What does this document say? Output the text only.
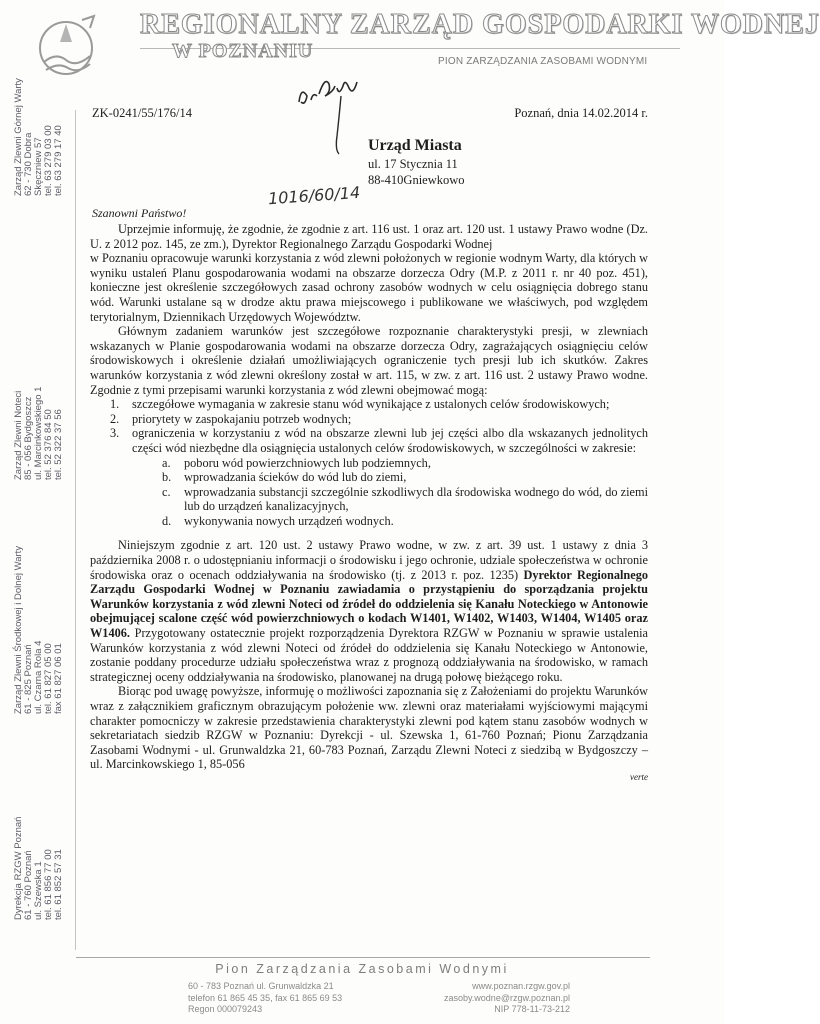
REGIONALNY ZARZĄD GOSPODARKI WODNEJ
W POZNANIU	PION ZARZĄDZANIA ZASOBAMI WODNYMI
1016/60/14
Zarząd Zlewni Górnej Warty 62 - 730 Dobra Skęczniew 57 tel. 63 279 03 00 tel. 63 279 17 40
Zarząd Zlewni Noteci 85 - 056 Bydgoszcz ul. Marcinkowskiego 1 tel. 52 376 84 50 tel. 52 322 37 56
Zarząd Zlewni Środkowej i Dolnej Warty 61 - 825 Poznań ul. Czarna Rola 4 tel. 61 827 05 00 fax 61 827 06 01
Dyrekcja RZGW Poznań 61 - 760 Poznań ul. Szewska 1 tel. 61 856 77 00 tel. 61 852 57 31
ZK-0241/55/176/14	Poznań, dnia 14.02.2014 r.
Urząd Miasta
ul. 17 Stycznia 11
88-410Gniewkowo
Szanowni Państwo!

Uprzejmie informuję, że zgodnie, że zgodnie z art. 116 ust. 1 oraz art. 120 ust. 1 ustawy Prawo wodne (Dz. U. z 2012 poz. 145, ze zm.), Dyrektor Regionalnego Zarządu Gospodarki Wodnej

w Poznaniu opracowuje warunki korzystania z wód zlewni położonych w regionie wodnym Warty, dla których w wyniku ustaleń Planu gospodarowania wodami na obszarze dorzecza Odry (M.P. z 2011 r. nr 40 poz. 451), konieczne jest określenie szczegółowych zasad ochrony zasobów wodnych w celu osiągnięcia dobrego stanu wód. Warunki ustalane są w drodze aktu prawa miejscowego i publikowane we właściwych, pod względem terytorialnym, Dziennikach Urzędowych Województw.

Głównym zadaniem warunków jest szczegółowe rozpoznanie charakterystyki presji, w zlewniach wskazanych w Planie gospodarowania wodami na obszarze dorzecza Odry, zagrażających osiągnięciu celów środowiskowych i określenie działań umożliwiających ograniczenie tych presji lub ich skutków. Zakres warunków korzystania z wód zlewni określony został w art. 115, w zw. z art. 116 ust. 2 ustawy Prawo wodne. Zgodnie z tymi przepisami warunki korzystania z wód zlewni obejmować mogą:

1. szczegółowe wymagania w zakresie stanu wód wynikające z ustalonych celów środowiskowych;
2. priorytety w zaspokajaniu potrzeb wodnych;
3. ograniczenia w korzystaniu z wód na obszarze zlewni lub jej części albo dla wskazanych jednolitych części wód niezbędne dla osiągnięcia ustalonych celów środowiskowych, w szczególności w zakresie:
a. poboru wód powierzchniowych lub podziemnych,
b. wprowadzania ścieków do wód lub do ziemi,
c. wprowadzania substancji szczególnie szkodliwych dla środowiska wodnego do wód, do ziemi lub do urządzeń kanalizacyjnych,
d. wykonywania nowych urządzeń wodnych.

Niniejszym zgodnie z art. 120 ust. 2 ustawy Prawo wodne, w zw. z art. 39 ust. 1 ustawy z dnia 3 października 2008 r. o udostępnianiu informacji o środowisku i jego ochronie, udziale społeczeństwa w ochronie środowiska oraz o ocenach oddziaływania na środowisko (tj. z 2013 r. poz. 1235) Dyrektor Regionalnego Zarządu Gospodarki Wodnej w Poznaniu zawiadamia o przystąpieniu do sporządzania projektu Warunków korzystania z wód zlewni Noteci od źródeł do oddzielenia się Kanału Noteckiego w Antonowie obejmującej scalone część wód powierzchniowych o kodach W1401, W1402, W1403, W1404, W1405 oraz W1406. Przygotowany ostatecznie projekt rozporządzenia Dyrektora RZGW w Poznaniu w sprawie ustalenia Warunków korzystania z wód zlewni Noteci od źródeł do oddzielenia się Kanału Noteckiego w Antonowie, zostanie poddany procedurze udziału społeczeństwa wraz z prognozą oddziaływania na środowisko, w ramach strategicznej oceny oddziaływania na środowisko, planowanej na drugą połowę bieżącego roku.

Biorąc pod uwagę powyższe, informuję o możliwości zapoznania się z Założeniami do projektu Warunków wraz z załącznikiem graficznym obrazującym położenie ww. zlewni oraz materiałami wyjściowymi mającymi charakter pomocniczy w zakresie przedstawienia charakterystyki zlewni pod kątem stanu zasobów wodnych w sekretariatach siedzib RZGW w Poznaniu: Dyrekcji - ul. Szewska 1, 61-760 Poznań; Pionu Zarządzania Zasobami Wodnymi - ul. Grunwaldzka 21, 60-783 Poznań, Zarządu Zlewni Noteci z siedzibą w Bydgoszczy – ul. Marcinkowskiego 1, 85-056

verte

Pion Zarządzania Zasobami Wodnymi
60 - 783 Poznań ul. Grunwaldzka 21
telefon 61 865 45 35, fax 61 865 69 53
Regon 000079243
www.poznan.rzgw.gov.pl
zasoby.wodne@rzgw.poznan.pl
NIP 778-11-73-212
